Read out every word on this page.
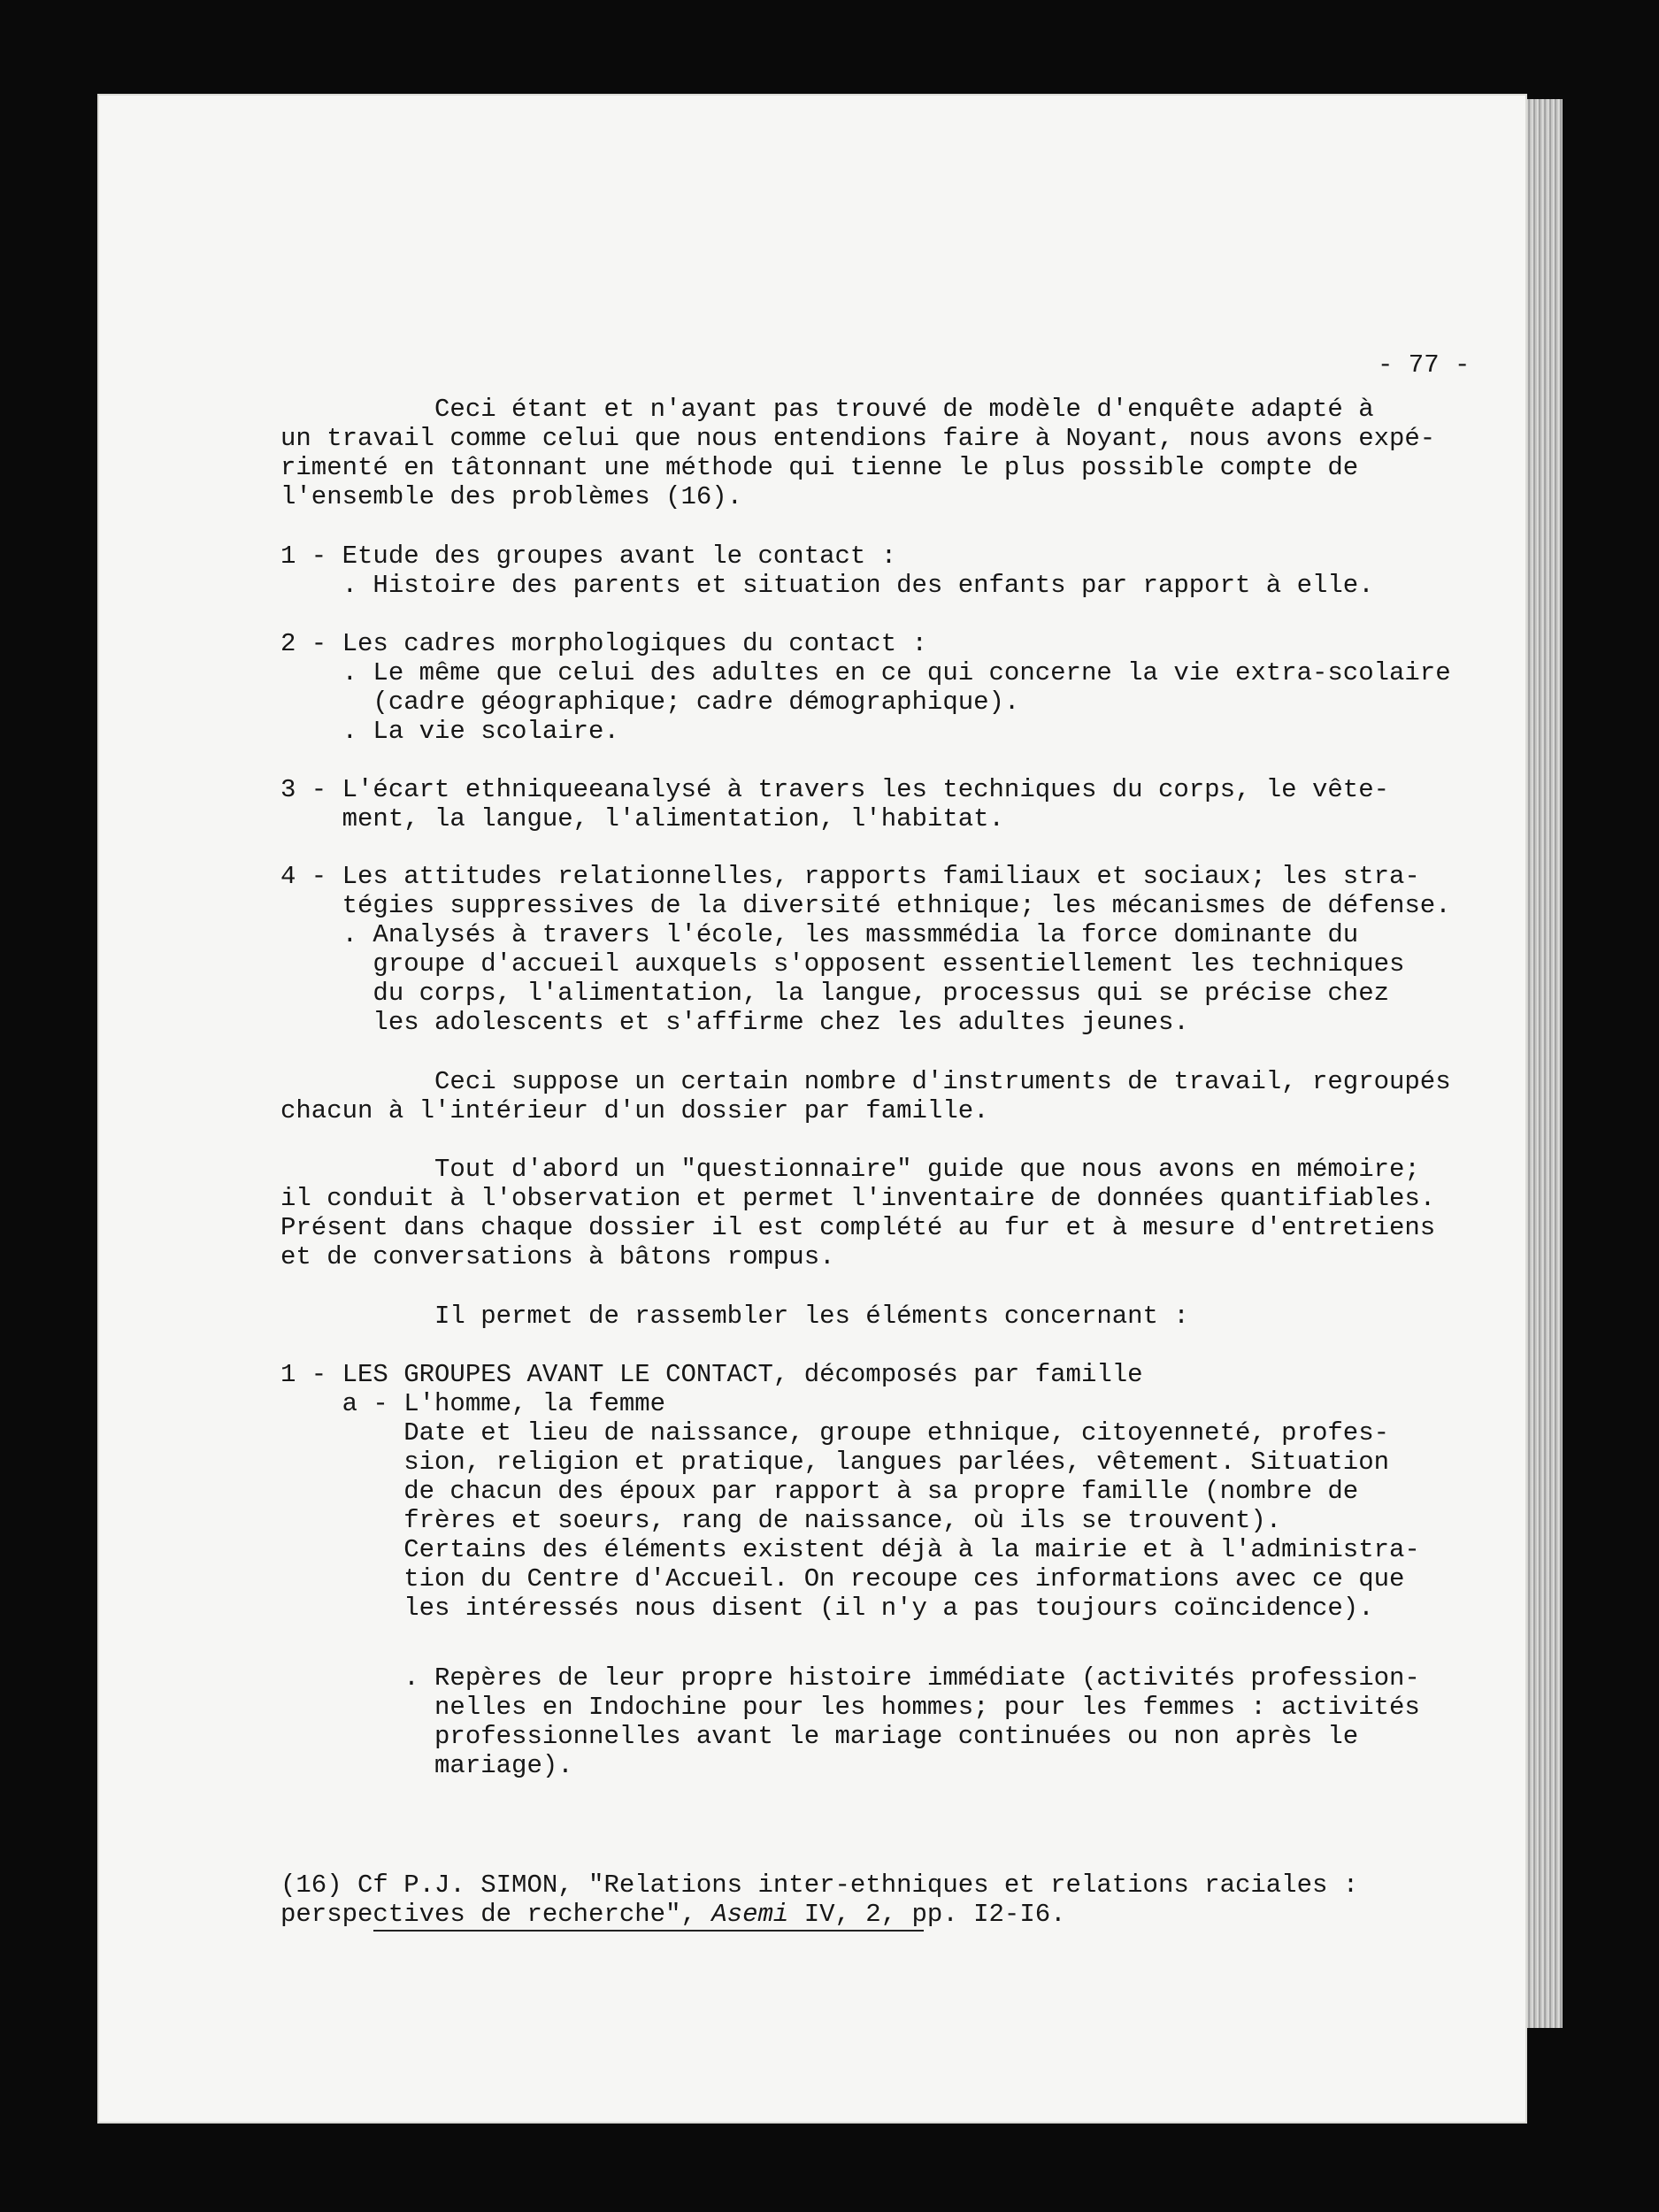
- 77 -

Ceci étant et n'ayant pas trouvé de modèle d'enquête adapté à

un travail comme celui que nous entendions faire à Noyant, nous avons expé-

rimenté en tâtonnant une méthode qui tienne le plus possible compte de

l'ensemble des problèmes (16).

1 - Etude des groupes avant le contact :

. Histoire des parents et situation des enfants par rapport à elle.

2 - Les cadres morphologiques du contact :

. Le même que celui des adultes en ce qui concerne la vie extra-scolaire

(cadre géographique; cadre démographique).

. La vie scolaire.

3 - L'écart ethniqueeanalysé à travers les techniques du corps, le vête-

ment, la langue, l'alimentation, l'habitat.

4 - Les attitudes relationnelles, rapports familiaux et sociaux; les stra-

tégies suppressives de la diversité ethnique; les mécanismes de défense.

. Analysés à travers l'école, les massmmédia la force dominante du

groupe d'accueil auxquels s'opposent essentiellement les techniques

du corps, l'alimentation, la langue, processus qui se précise chez

les adolescents et s'affirme chez les adultes jeunes.

Ceci suppose un certain nombre d'instruments de travail, regroupés

chacun à l'intérieur d'un dossier par famille.

Tout d'abord un "questionnaire" guide que nous avons en mémoire;

il conduit à l'observation et permet l'inventaire de données quantifiables.

Présent dans chaque dossier il est complété au fur et à mesure d'entretiens

et de conversations à bâtons rompus.

Il permet de rassembler les éléments concernant :

1 - LES GROUPES AVANT LE CONTACT, décomposés par famille

a - L'homme, la femme

Date et lieu de naissance, groupe ethnique, citoyenneté, profes-

sion, religion et pratique, langues parlées, vêtement. Situation

de chacun des époux par rapport à sa propre famille (nombre de

frères et soeurs, rang de naissance, où ils se trouvent).

Certains des éléments existent déjà à la mairie et à l'administra-

tion du Centre d'Accueil. On recoupe ces informations avec ce que

les intéressés nous disent (il n'y a pas toujours coïncidence).

. Repères de leur propre histoire immédiate (activités profession-

nelles en Indochine pour les hommes; pour les femmes : activités

professionnelles avant le mariage continuées ou non après le

mariage).

(16) Cf P.J. SIMON, "Relations inter-ethniques et relations raciales :

perspectives de recherche", Asemi IV, 2, pp. I2-I6.
